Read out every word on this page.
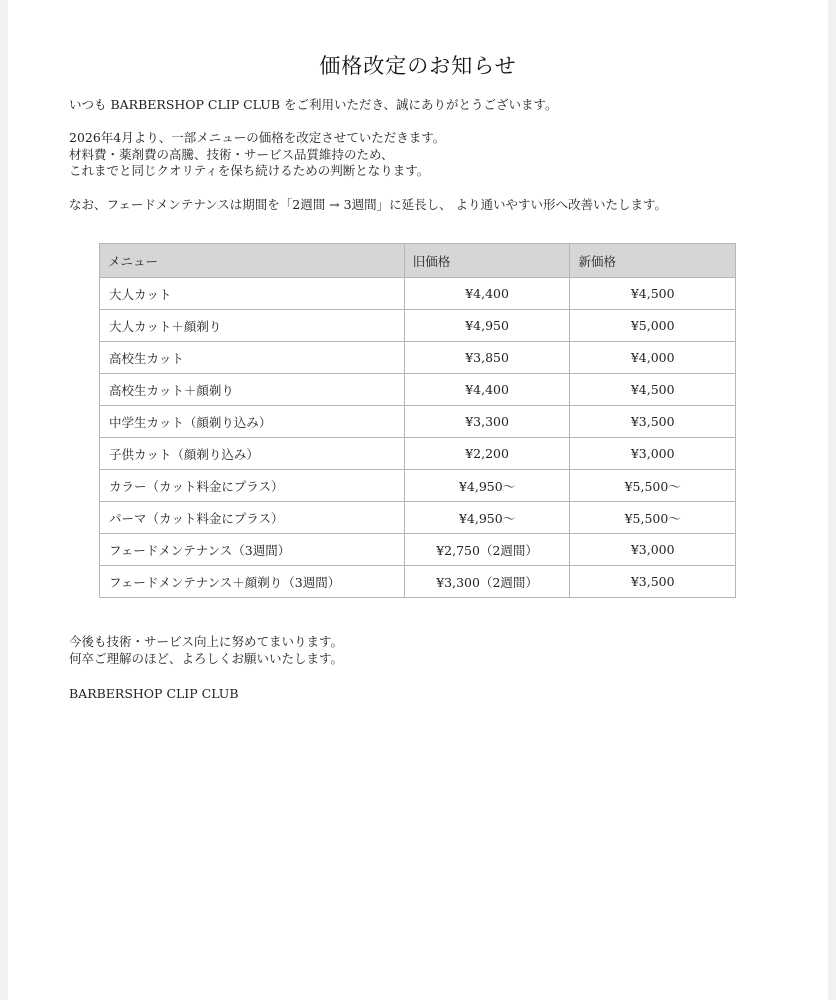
価格改定のお知らせ
いつも BARBERSHOP CLIP CLUB をご利用いただき、誠にありがとうございます。
2026年4月より、一部メニューの価格を改定させていただきます。
材料費・薬剤費の高騰、技術・サービス品質維持のため、
これまでと同じクオリティを保ち続けるための判断となります。
なお、フェードメンテナンスは期間を「2週間 → 3週間」に延長し、 より通いやすい形へ改善いたします。
メニュー	旧価格	新価格
大人カット	¥4,400	¥4,500
大人カット＋顔剃り	¥4,950	¥5,000
高校生カット	¥3,850	¥4,000
高校生カット＋顔剃り	¥4,400	¥4,500
中学生カット（顔剃り込み）	¥3,300	¥3,500
子供カット（顔剃り込み）	¥2,200	¥3,000
カラー（カット料金にプラス）	¥4,950〜	¥5,500〜
パーマ（カット料金にプラス）	¥4,950〜	¥5,500〜
フェードメンテナンス（3週間）	¥2,750（2週間）	¥3,000
フェードメンテナンス＋顔剃り（3週間）	¥3,300（2週間）	¥3,500
今後も技術・サービス向上に努めてまいります。
何卒ご理解のほど、よろしくお願いいたします。
BARBERSHOP CLIP CLUB
